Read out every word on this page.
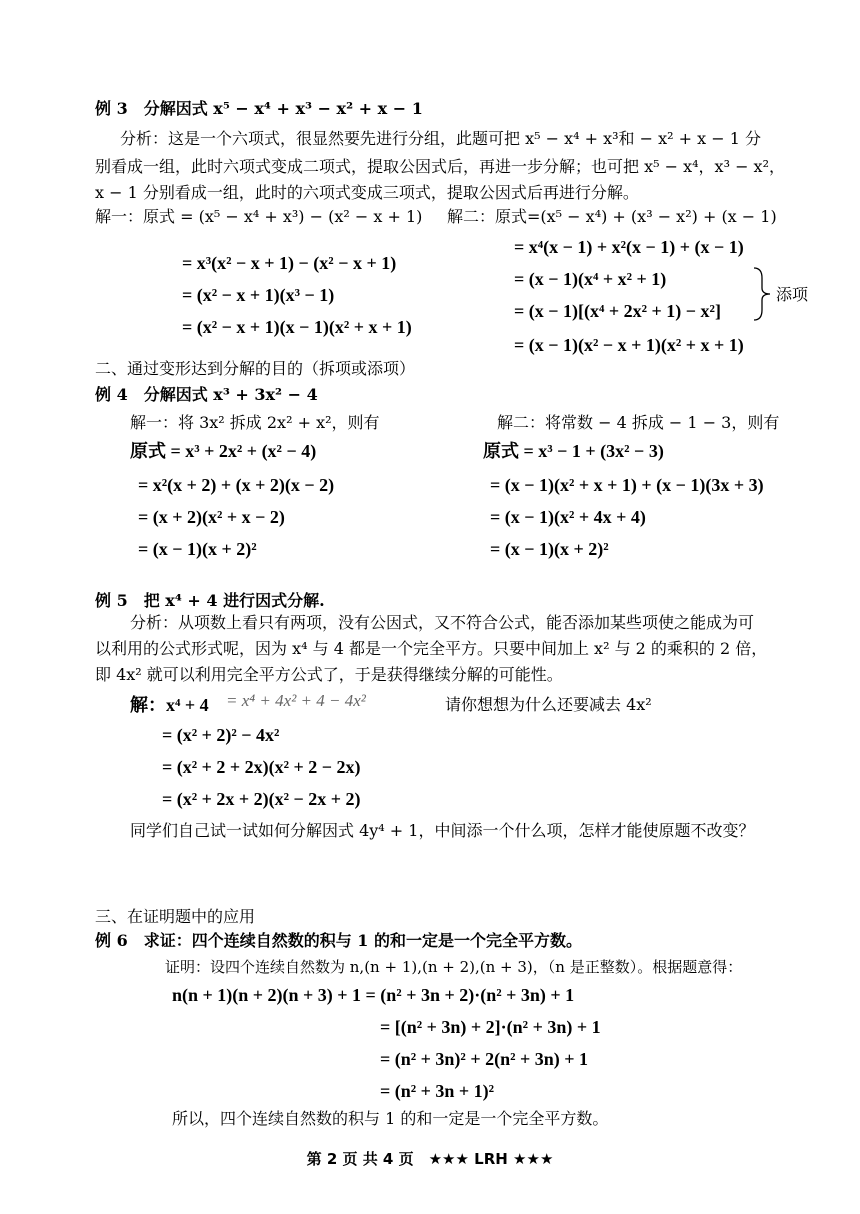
例 3　分解因式 x⁵ − x⁴ + x³ − x² + x − 1
分析：这是一个六项式，很显然要先进行分组，此题可把 x⁵ − x⁴ + x³和 − x² + x − 1 分
别看成一组，此时六项式变成二项式，提取公因式后，再进一步分解；也可把 x⁵ − x⁴，x³ − x²，
x − 1 分别看成一组，此时的六项式变成三项式，提取公因式后再进行分解。
解一：原式 = (x⁵ − x⁴ + x³) − (x² − x + 1)
= x³(x² − x + 1) − (x² − x + 1)
= (x² − x + 1)(x³ − 1)
= (x² − x + 1)(x − 1)(x² + x + 1)
解二：原式=(x⁵ − x⁴) + (x³ − x²) + (x − 1)
= x⁴(x − 1) + x²(x − 1) + (x − 1)
= (x − 1)(x⁴ + x² + 1)
= (x − 1)[(x⁴ + 2x² + 1) − x²]
= (x − 1)(x² − x + 1)(x² + x + 1)
添项
二、通过变形达到分解的目的（拆项或添项）
例 4　分解因式 x³ + 3x² − 4
解一：将 3x² 拆成 2x² + x²，则有
原式 = x³ + 2x² + (x² − 4)
= x²(x + 2) + (x + 2)(x − 2)
= (x + 2)(x² + x − 2)
= (x − 1)(x + 2)²
解二：将常数 − 4 拆成 − 1 − 3，则有
原式 = x³ − 1 + (3x² − 3)
= (x − 1)(x² + x + 1) + (x − 1)(3x + 3)
= (x − 1)(x² + 4x + 4)
= (x − 1)(x + 2)²
例 5　把 x⁴ + 4 进行因式分解.
分析：从项数上看只有两项，没有公因式，又不符合公式，能否添加某些项使之能成为可
以利用的公式形式呢，因为 x⁴ 与 4 都是一个完全平方。只要中间加上 x² 与 2 的乘积的 2 倍，
即 4x² 就可以利用完全平方公式了，于是获得继续分解的可能性。
解：x⁴ + 4 = x⁴ + 4x² + 4 − 4x²	请你想想为什么还要减去 4x²
= (x² + 2)² − 4x²
= (x² + 2 + 2x)(x² + 2 − 2x)
= (x² + 2x + 2)(x² − 2x + 2)
同学们自己试一试如何分解因式 4y⁴ + 1，中间添一个什么项，怎样才能使原题不改变？
三、在证明题中的应用
例 6　求证：四个连续自然数的积与 1 的和一定是一个完全平方数。
证明：设四个连续自然数为 n,(n + 1),(n + 2),(n + 3)，（n 是正整数）。根据题意得：
n(n + 1)(n + 2)(n + 3) + 1 = (n² + 3n + 2)·(n² + 3n) + 1
= [(n² + 3n) + 2]·(n² + 3n) + 1
= (n² + 3n)² + 2(n² + 3n) + 1
= (n² + 3n + 1)²
所以，四个连续自然数的积与 1 的和一定是一个完全平方数。
第 2 页 共 4 页　★★★ LRH ★★★
